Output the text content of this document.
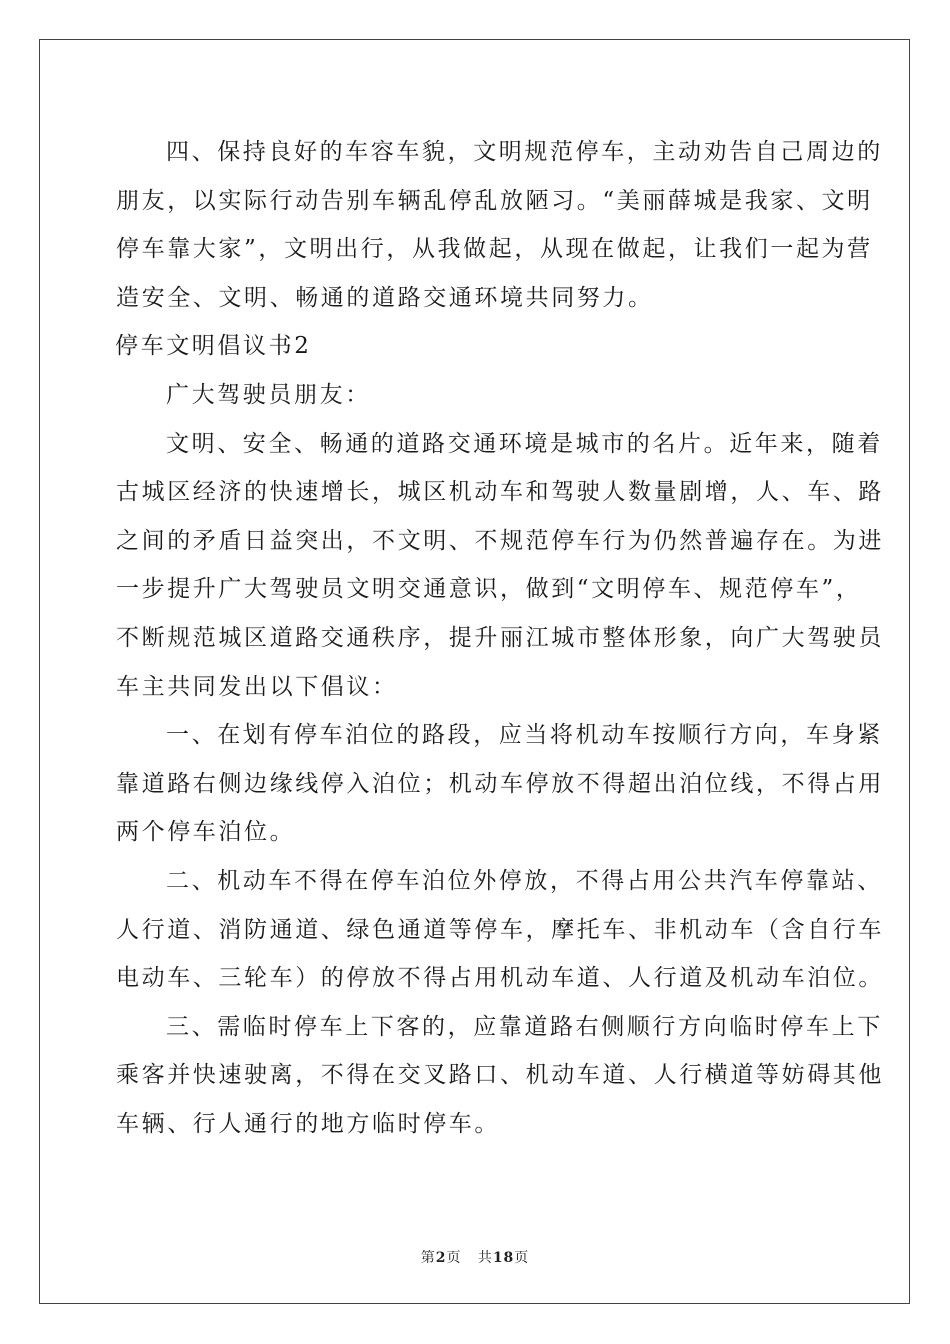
四、保持良好的车容车貌，文明规范停车，主动劝告自己周边的
朋友，以实际行动告别车辆乱停乱放陋习。“美丽薛城是我家、文明
停车靠大家”，文明出行，从我做起，从现在做起，让我们一起为营
造安全、文明、畅通的道路交通环境共同努力。
停车文明倡议书2
广大驾驶员朋友：
文明、安全、畅通的道路交通环境是城市的名片。近年来，随着
古城区经济的快速增长，城区机动车和驾驶人数量剧增，人、车、路
之间的矛盾日益突出，不文明、不规范停车行为仍然普遍存在。为进
一步提升广大驾驶员文明交通意识，做到“文明停车、规范停车”，
不断规范城区道路交通秩序，提升丽江城市整体形象，向广大驾驶员
车主共同发出以下倡议：
一、在划有停车泊位的路段，应当将机动车按顺行方向，车身紧
靠道路右侧边缘线停入泊位；机动车停放不得超出泊位线，不得占用
两个停车泊位。
二、机动车不得在停车泊位外停放，不得占用公共汽车停靠站、
人行道、消防通道、绿色通道等停车，摩托车、非机动车（含自行车
电动车、三轮车）的停放不得占用机动车道、人行道及机动车泊位。
三、需临时停车上下客的，应靠道路右侧顺行方向临时停车上下
乘客并快速驶离，不得在交叉路口、机动车道、人行横道等妨碍其他
车辆、行人通行的地方临时停车。
第2页 共18页
